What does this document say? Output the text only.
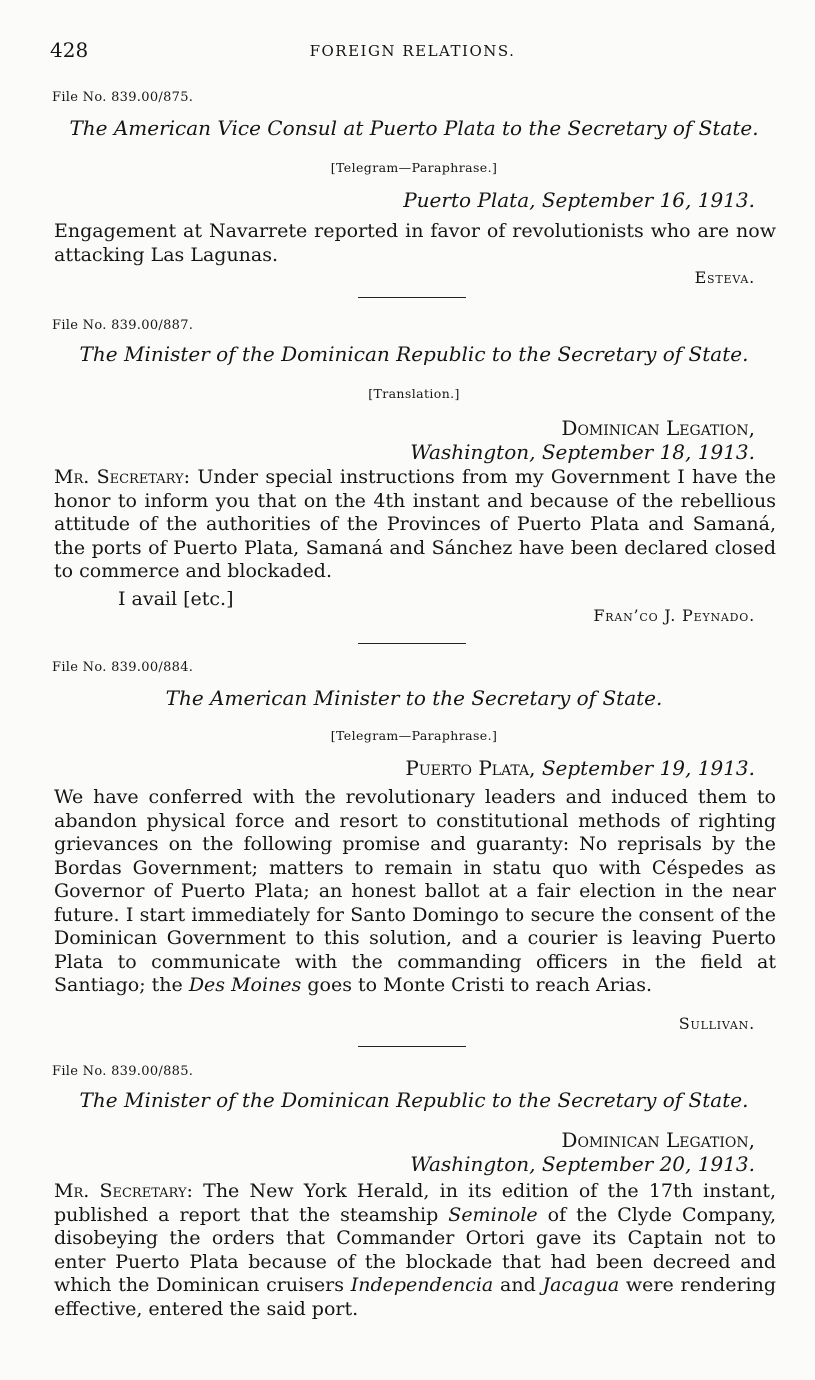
428	FOREIGN RELATIONS.
File No. 839.00/875.
The American Vice Consul at Puerto Plata to the Secretary of State.
[Telegram—Paraphrase.]
Puerto Plata, September 16, 1913.

Engagement at Navarrete reported in favor of revolutionists who are now attacking Las Lagunas.

Esteva.
File No. 839.00/887.
The Minister of the Dominican Republic to the Secretary of State.
[Translation.]
Dominican Legation,
Washington, September 18, 1913.

Mr. Secretary: Under special instructions from my Government I have the honor to inform you that on the 4th instant and because of the rebellious attitude of the authorities of the Provinces of Puerto Plata and Samaná, the ports of Puerto Plata, Samaná and Sánchez have been declared closed to commerce and blockaded.

I avail [etc.]
Fran’co J. Peynado.
File No. 839.00/884.
The American Minister to the Secretary of State.
[Telegram—Paraphrase.]
Puerto Plata, September 19, 1913.

We have conferred with the revolutionary leaders and induced them to abandon physical force and resort to constitutional methods of righting grievances on the following promise and guaranty: No reprisals by the Bordas Government; matters to remain in statu quo with Céspedes as Governor of Puerto Plata; an honest ballot at a fair election in the near future. I start immediately for Santo Domingo to secure the consent of the Dominican Government to this solution, and a courier is leaving Puerto Plata to communicate with the commanding officers in the field at Santiago; the Des Moines goes to Monte Cristi to reach Arias.

Sullivan.
File No. 839.00/885.
The Minister of the Dominican Republic to the Secretary of State.
Dominican Legation,
Washington, September 20, 1913.

Mr. Secretary: The New York Herald, in its edition of the 17th instant, published a report that the steamship Seminole of the Clyde Company, disobeying the orders that Commander Ortori gave its Captain not to enter Puerto Plata because of the blockade that had been decreed and which the Dominican cruisers Independencia and Jacagua were rendering effective, entered the said port.
